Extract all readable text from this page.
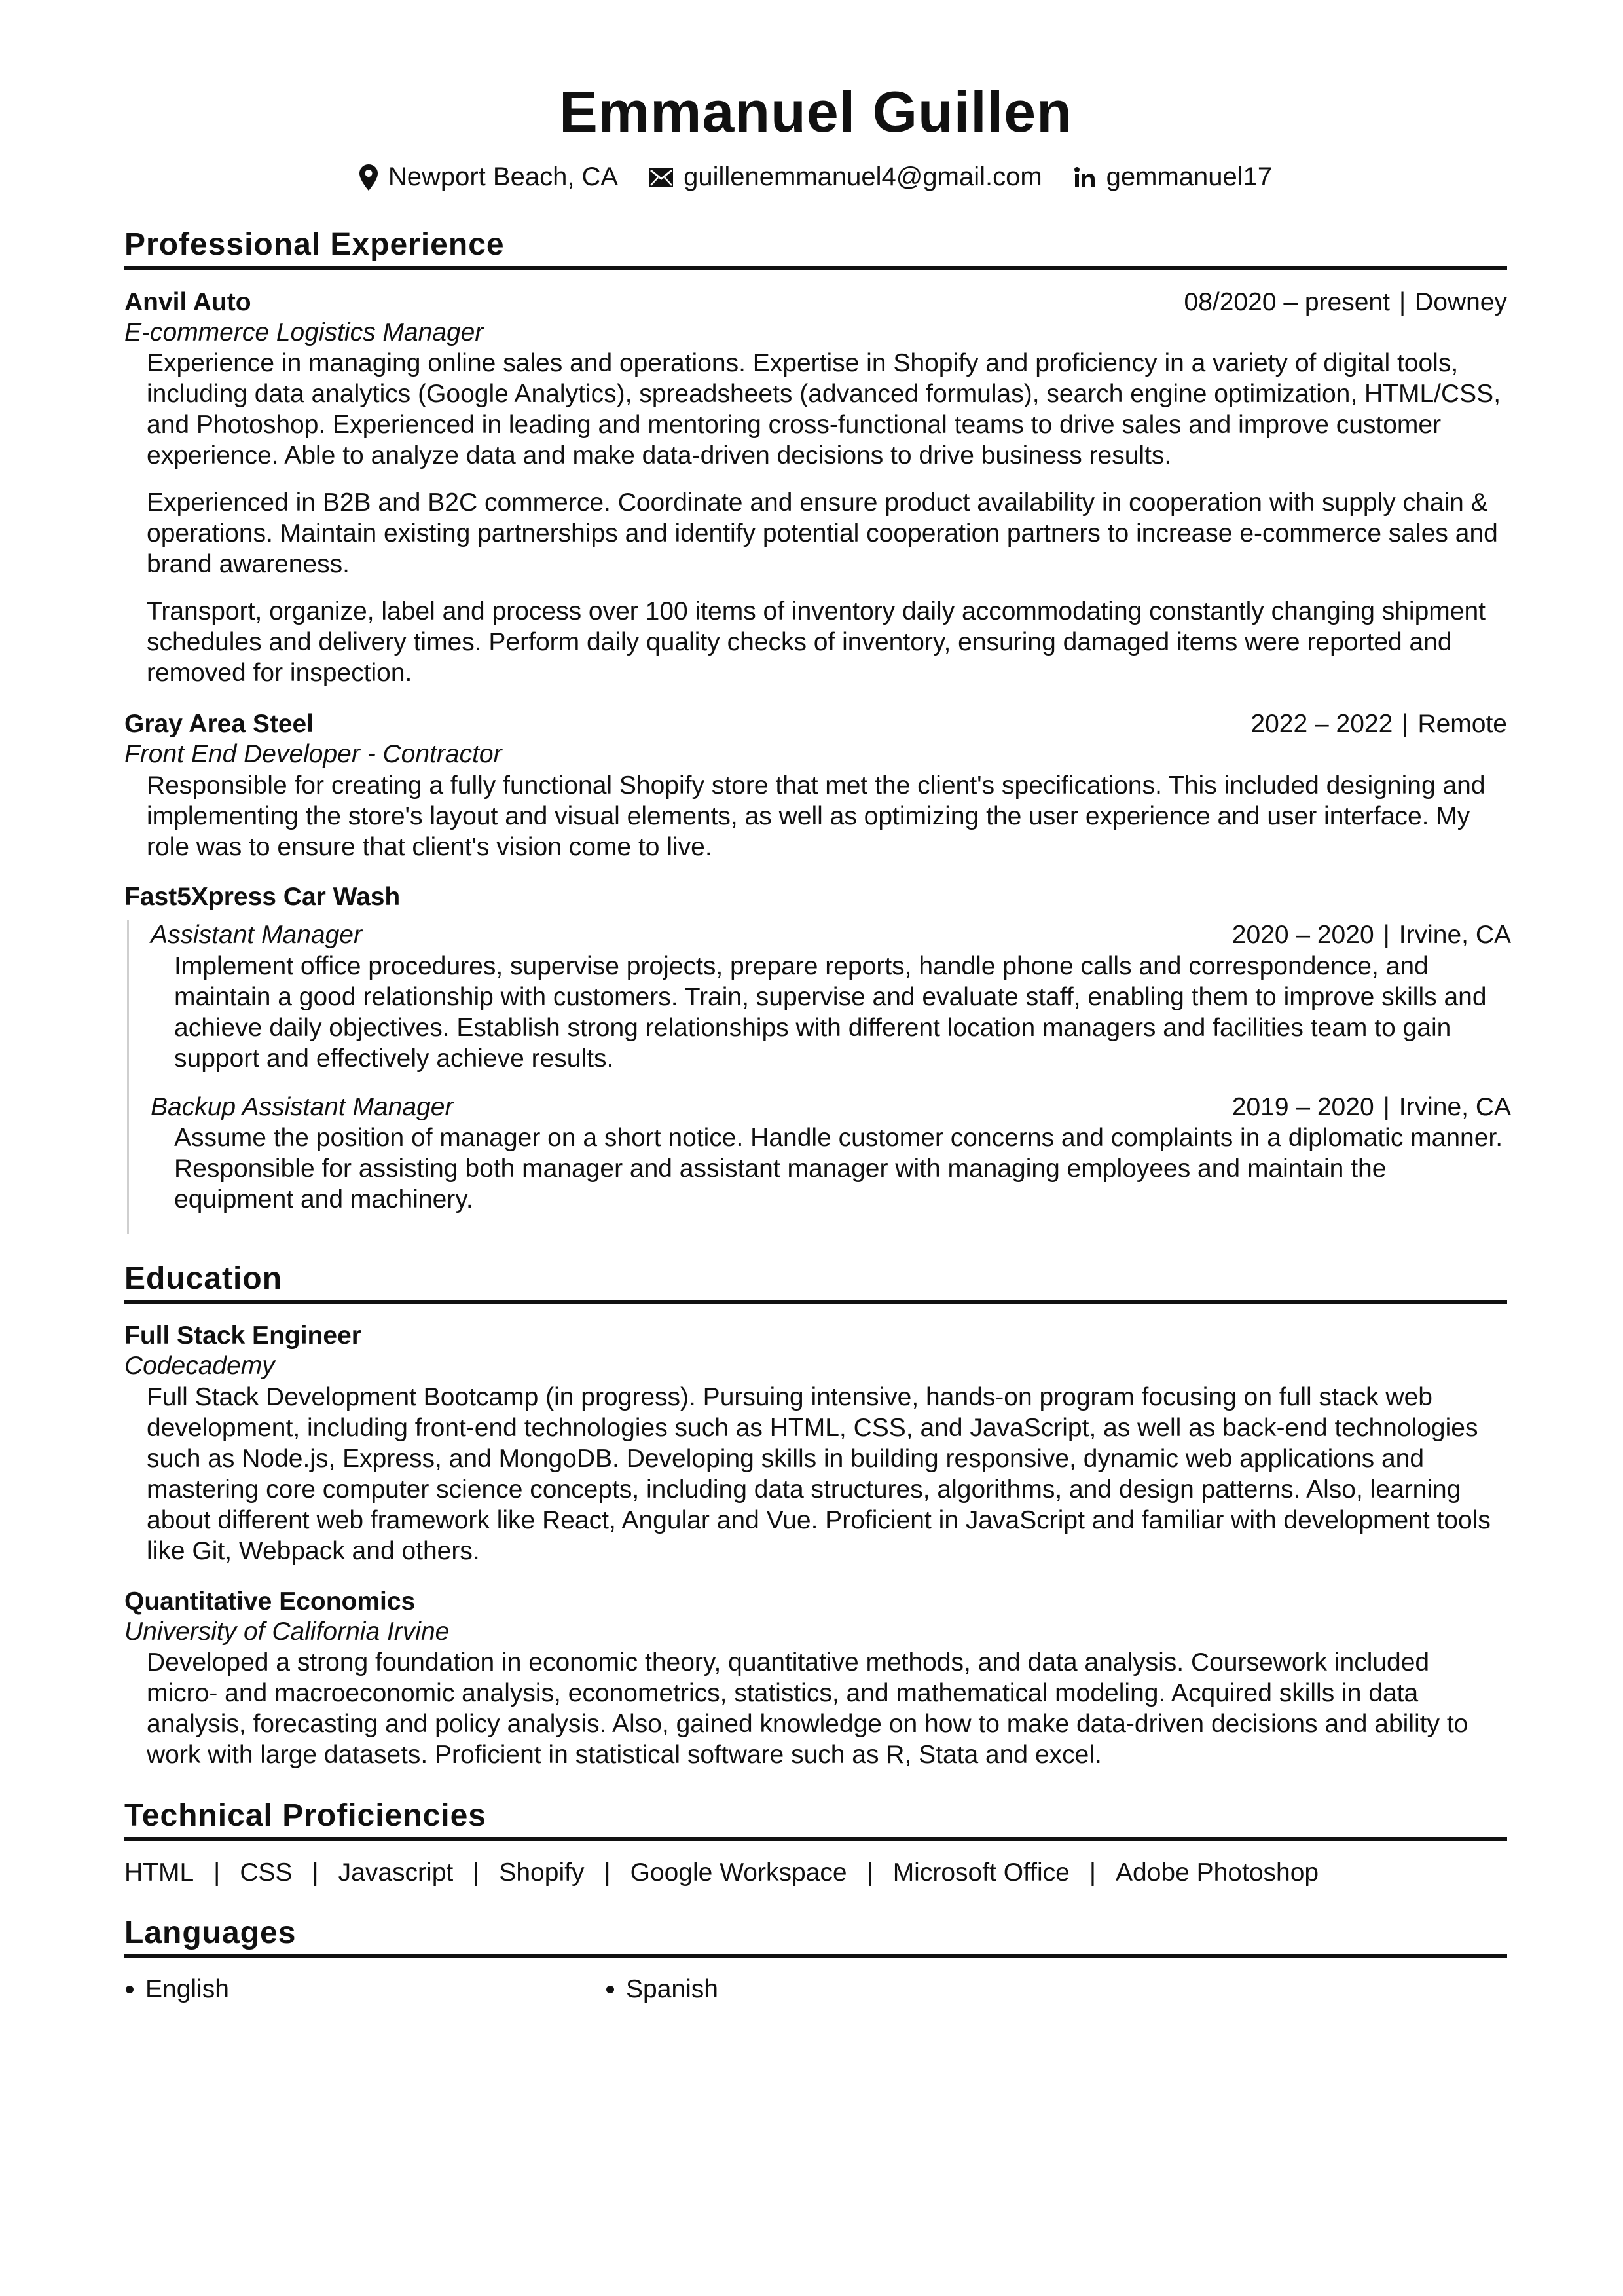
Emmanuel Guillen
Newport Beach, CA	guillenemmanuel4@gmail.com gemmanuel17
Professional Experience
Anvil Auto	08/2020 – present | Downey
E-commerce Logistics Manager

Experience in managing online sales and operations. Expertise in Shopify and proficiency in a variety of digital tools, including data analytics (Google Analytics), spreadsheets (advanced formulas), search engine optimization, HTML/CSS, and Photoshop. Experienced in leading and mentoring cross-functional teams to drive sales and improve customer experience. Able to analyze data and make data-driven decisions to drive business results.

Experienced in B2B and B2C commerce. Coordinate and ensure product availability in cooperation with supply chain & operations. Maintain existing partnerships and identify potential cooperation partners to increase e-commerce sales and brand awareness.

Transport, organize, label and process over 100 items of inventory daily accommodating constantly changing shipment schedules and delivery times. Perform daily quality checks of inventory, ensuring damaged items were reported and removed for inspection.

Gray Area Steel	2022 – 2022 | Remote
Front End Developer - Contractor

Responsible for creating a fully functional Shopify store that met the client's specifications. This included designing and implementing the store's layout and visual elements, as well as optimizing the user experience and user interface. My role was to ensure that client's vision come to live.

Fast5Xpress Car Wash
Assistant Manager	2020 – 2020 | Irvine, CA

Implement office procedures, supervise projects, prepare reports, handle phone calls and correspondence, and maintain a good relationship with customers. Train, supervise and evaluate staff, enabling them to improve skills and achieve daily objectives. Establish strong relationships with different location managers and facilities team to gain support and effectively achieve results.

Backup Assistant Manager	2019 – 2020 | Irvine, CA

Assume the position of manager on a short notice. Handle customer concerns and complaints in a diplomatic manner. Responsible for assisting both manager and assistant manager with managing employees and maintain the equipment and machinery.

Education
Full Stack Engineer
Codecademy

Full Stack Development Bootcamp (in progress). Pursuing intensive, hands-on program focusing on full stack web development, including front-end technologies such as HTML, CSS, and JavaScript, as well as back-end technologies such as Node.js, Express, and MongoDB. Developing skills in building responsive, dynamic web applications and mastering core computer science concepts, including data structures, algorithms, and design patterns. Also, learning about different web framework like React, Angular and Vue. Proficient in JavaScript and familiar with development tools like Git, Webpack and others.

Quantitative Economics
University of California Irvine

Developed a strong foundation in economic theory, quantitative methods, and data analysis. Coursework included micro- and macroeconomic analysis, econometrics, statistics, and mathematical modeling. Acquired skills in data analysis, forecasting and policy analysis. Also, gained knowledge on how to make data-driven decisions and ability to work with large datasets. Proficient in statistical software such as R, Stata and excel.

Technical Proficiencies
HTML | CSS | Javascript | Shopify | Google Workspace | Microsoft Office | Adobe Photoshop
Languages
English	Spanish
